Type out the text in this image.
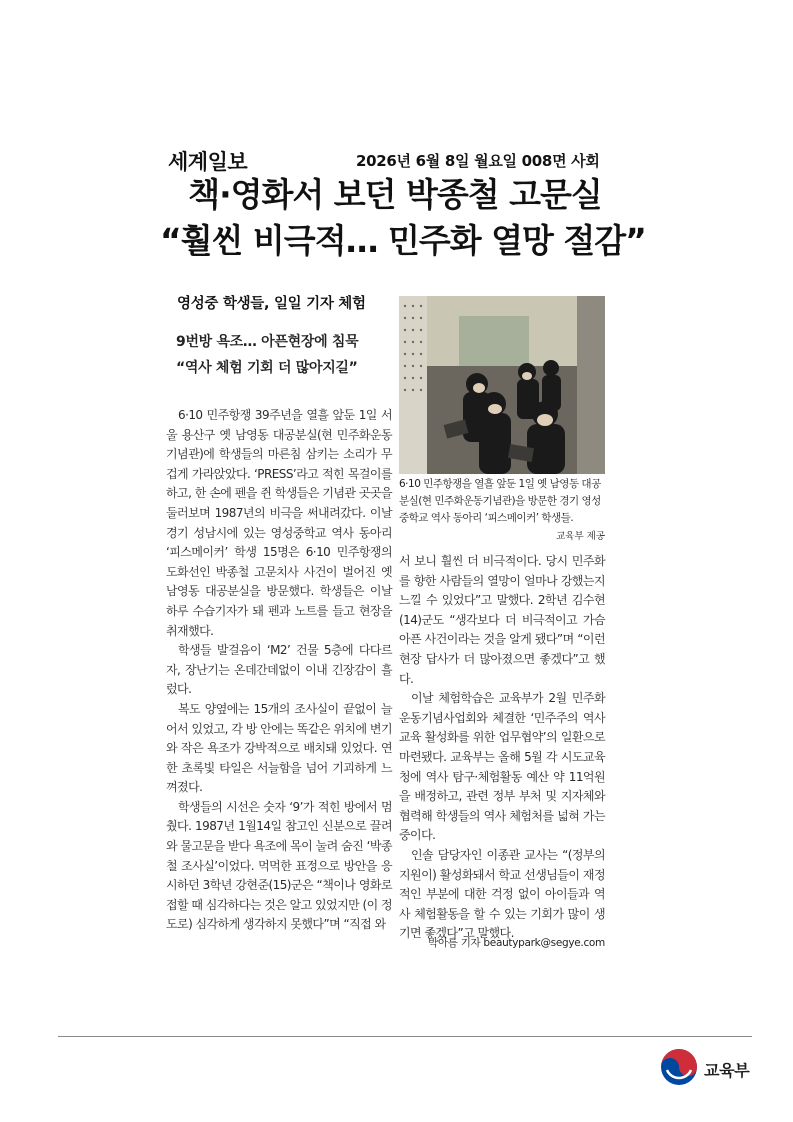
세계일보	2026년 6월 8일 월요일 008면 사회
책·영화서 보던 박종철 고문실
“훨씬 비극적… 민주화 열망 절감”
영성중 학생들, 일일 기자 체험
9번방 욕조… 아픈현장에 침묵
“역사 체험 기회 더 많아지길”

6·10 민주항쟁 39주년을 열흘 앞둔 1일 서울 용산구 옛 남영동 대공분실(현 민주화운동기념관)에 학생들의 마른침 삼키는 소리가 무겁게 가라앉았다. ‘PRESS’라고 적힌 목걸이를 하고, 한 손에 펜을 쥔 학생들은 기념관 곳곳을 둘러보며 1987년의 비극을 써내려갔다. 이날 경기 성남시에 있는 영성중학교 역사 동아리 ‘피스메이커’ 학생 15명은 6·10 민주항쟁의 도화선인 박종철 고문치사 사건이 벌어진 옛 남영동 대공분실을 방문했다. 학생들은 이날 하루 수습기자가 돼 펜과 노트를 들고 현장을 취재했다.

학생들 발걸음이 ‘M2’ 건물 5층에 다다르자, 장난기는 온데간데없이 이내 긴장감이 흘렀다.

복도 양옆에는 15개의 조사실이 끝없이 늘어서 있었고, 각 방 안에는 똑같은 위치에 변기와 작은 욕조가 강박적으로 배치돼 있었다. 연한 초록빛 타일은 서늘함을 넘어 기괴하게 느껴졌다.

학생들의 시선은 숫자 ‘9’가 적힌 방에서 멈췄다. 1987년 1월14일 참고인 신분으로 끌려와 물고문을 받다 욕조에 목이 눌려 숨진 ‘박종철 조사실’이었다. 먹먹한 표정으로 방안을 응시하던 3학년 강현준(15)군은 “책이나 영화로 접할 때 심각하다는 것은 알고 있었지만 (이 정도로) 심각하게 생각하지 못했다”며 “직접 와

6·10 민주항쟁을 열흘 앞둔 1일 옛 남영동 대공분실(현 민주화운동기념관)을 방문한 경기 영성중학교 역사 동아리 ‘피스메이커’ 학생들.
교육부 제공

서 보니 훨씬 더 비극적이다. 당시 민주화를 향한 사람들의 열망이 얼마나 강했는지 느낄 수 있었다”고 말했다. 2학년 김수현(14)군도 “생각보다 더 비극적이고 가슴 아픈 사건이라는 것을 알게 됐다”며 “이런 현장 답사가 더 많아졌으면 좋겠다”고 했다.

이날 체험학습은 교육부가 2월 민주화운동기념사업회와 체결한 ‘민주주의 역사교육 활성화를 위한 업무협약’의 일환으로 마련됐다. 교육부는 올해 5월 각 시도교육청에 역사 탐구·체험활동 예산 약 11억원을 배정하고, 관련 정부 부처 및 지자체와 협력해 학생들의 역사 체험처를 넓혀 가는 중이다.

인솔 담당자인 이종관 교사는 “(정부의 지원이) 활성화돼서 학교 선생님들이 재정적인 부분에 대한 걱정 없이 아이들과 역사 체험활동을 할 수 있는 기회가 많이 생기면 좋겠다”고 말했다.

박아름 기자 beautypark@segye.com
교육부
